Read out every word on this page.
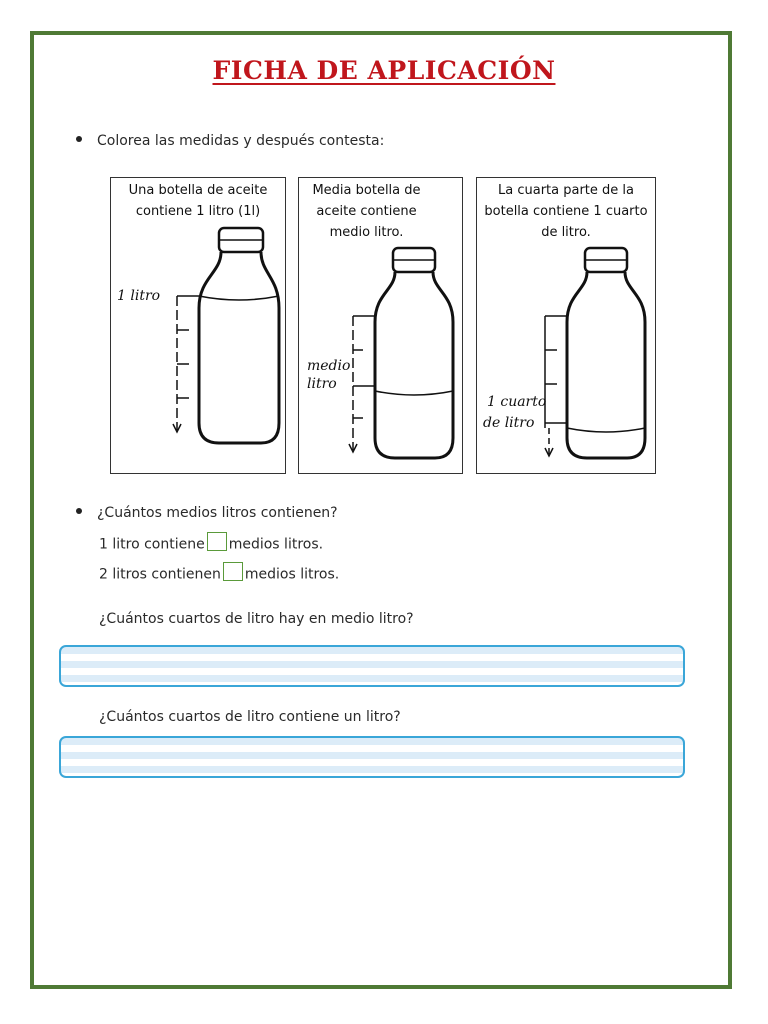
FICHA DE APLICACIÓN
Colorea las medidas y después contesta:
Una botella de aceite contiene 1 litro (1l)
1 litro
Media botella de aceite contiene medio litro.
medio
litro
La cuarta parte de la botella contiene 1 cuarto de litro.
1 cuarto
de litro
¿Cuántos medios litros contienen?
1 litro contiene medios litros.
2 litros contienen medios litros.
¿Cuántos cuartos de litro hay en medio litro?
¿Cuántos cuartos de litro contiene un litro?
